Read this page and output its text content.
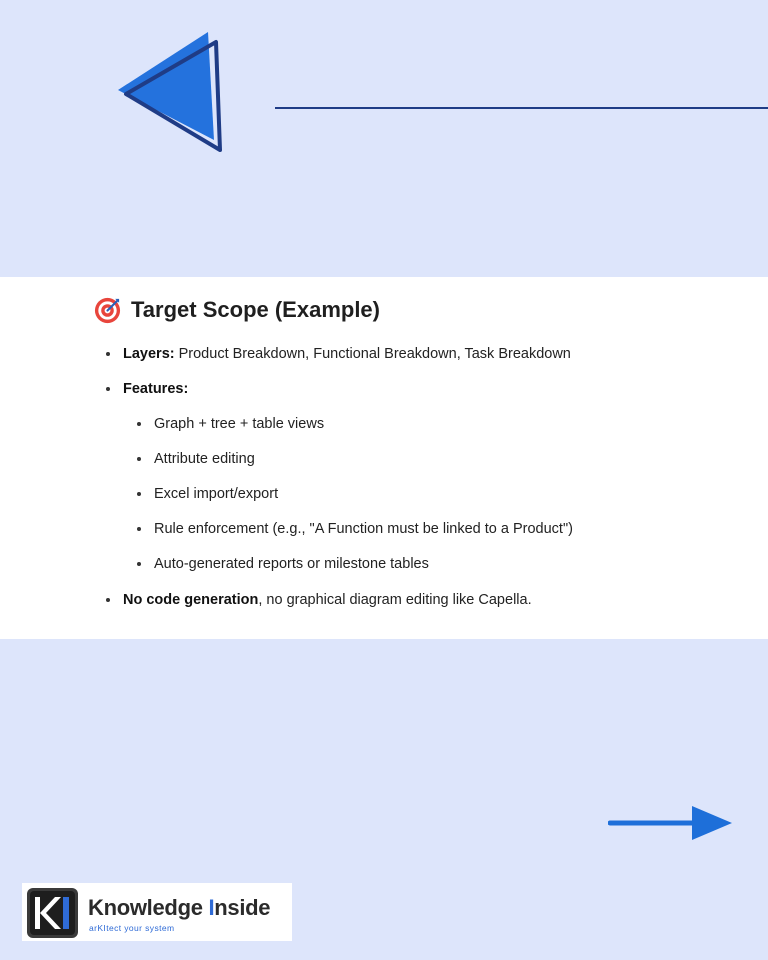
Target Scope (Example)
Layers: Product Breakdown, Functional Breakdown, Task Breakdown
Features:
Graph + tree + table views
Attribute editing
Excel import/export
Rule enforcement (e.g., "A Function must be linked to a Product")
Auto-generated reports or milestone tables
No code generation, no graphical diagram editing like Capella.
Knowledge Inside
arKItect your system
